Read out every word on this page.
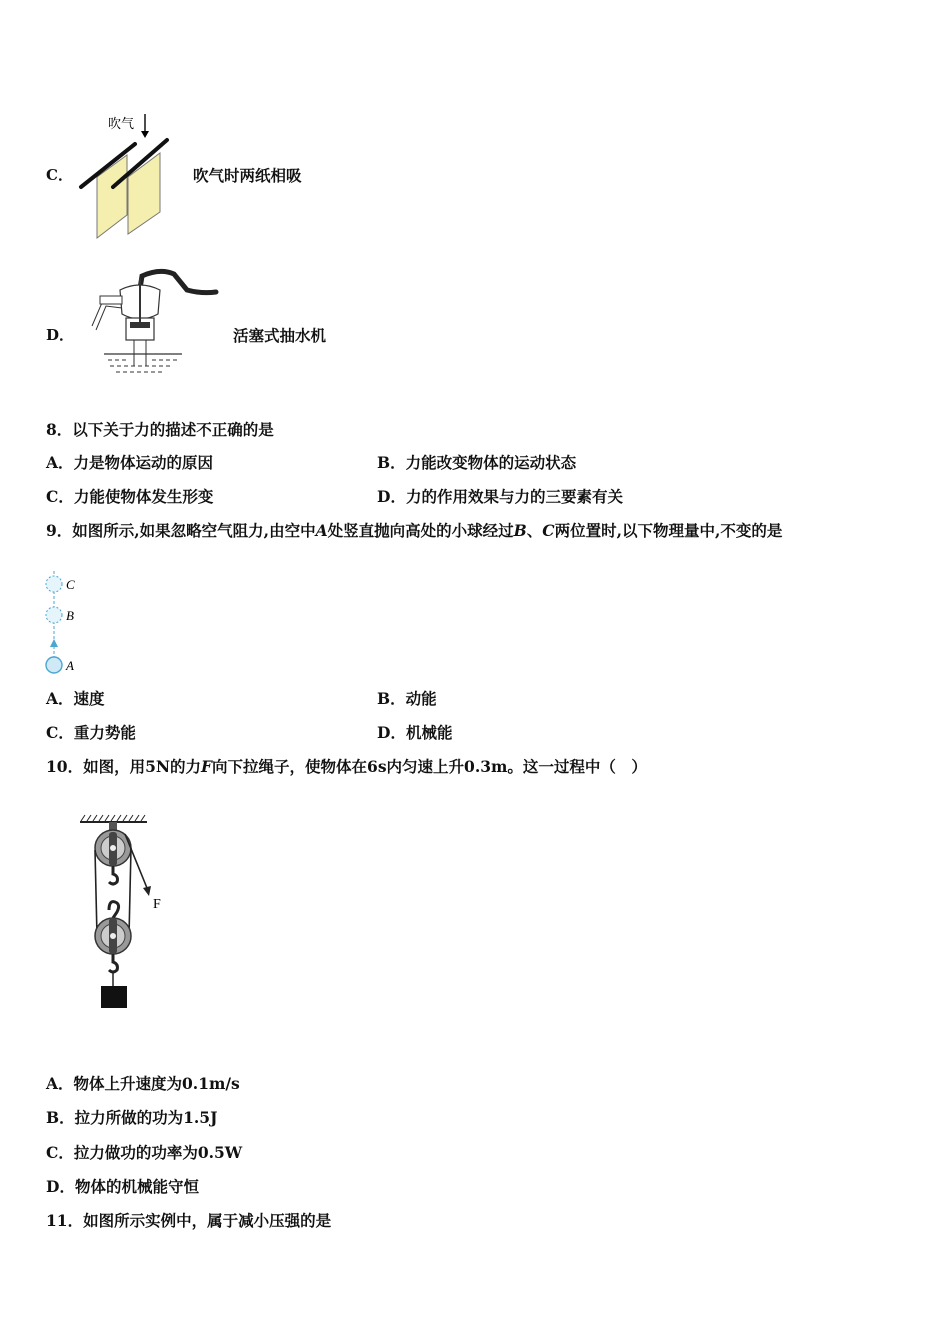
C．
吹气
吹气时两纸相吸
D．	活塞式抽水机
8．以下关于力的描述不正确的是
A．力是物体运动的原因	B．力能改变物体的运动状态
C．力能使物体发生形变	D．力的作用效果与力的三要素有关
9．如图所示,如果忽略空气阻力,由空中A处竖直抛向高处的小球经过B、C两位置时,以下物理量中,不变的是
C
B
A
A．速度	B．动能
C．重力势能	D．机械能
10．如图，用5N的力F向下拉绳子，使物体在6s内匀速上升0.3m。这一过程中（　）
F
A．物体上升速度为0.1m/s
B．拉力所做的功为1.5J
C．拉力做功的功率为0.5W
D．物体的机械能守恒
11．如图所示实例中，属于减小压强的是
